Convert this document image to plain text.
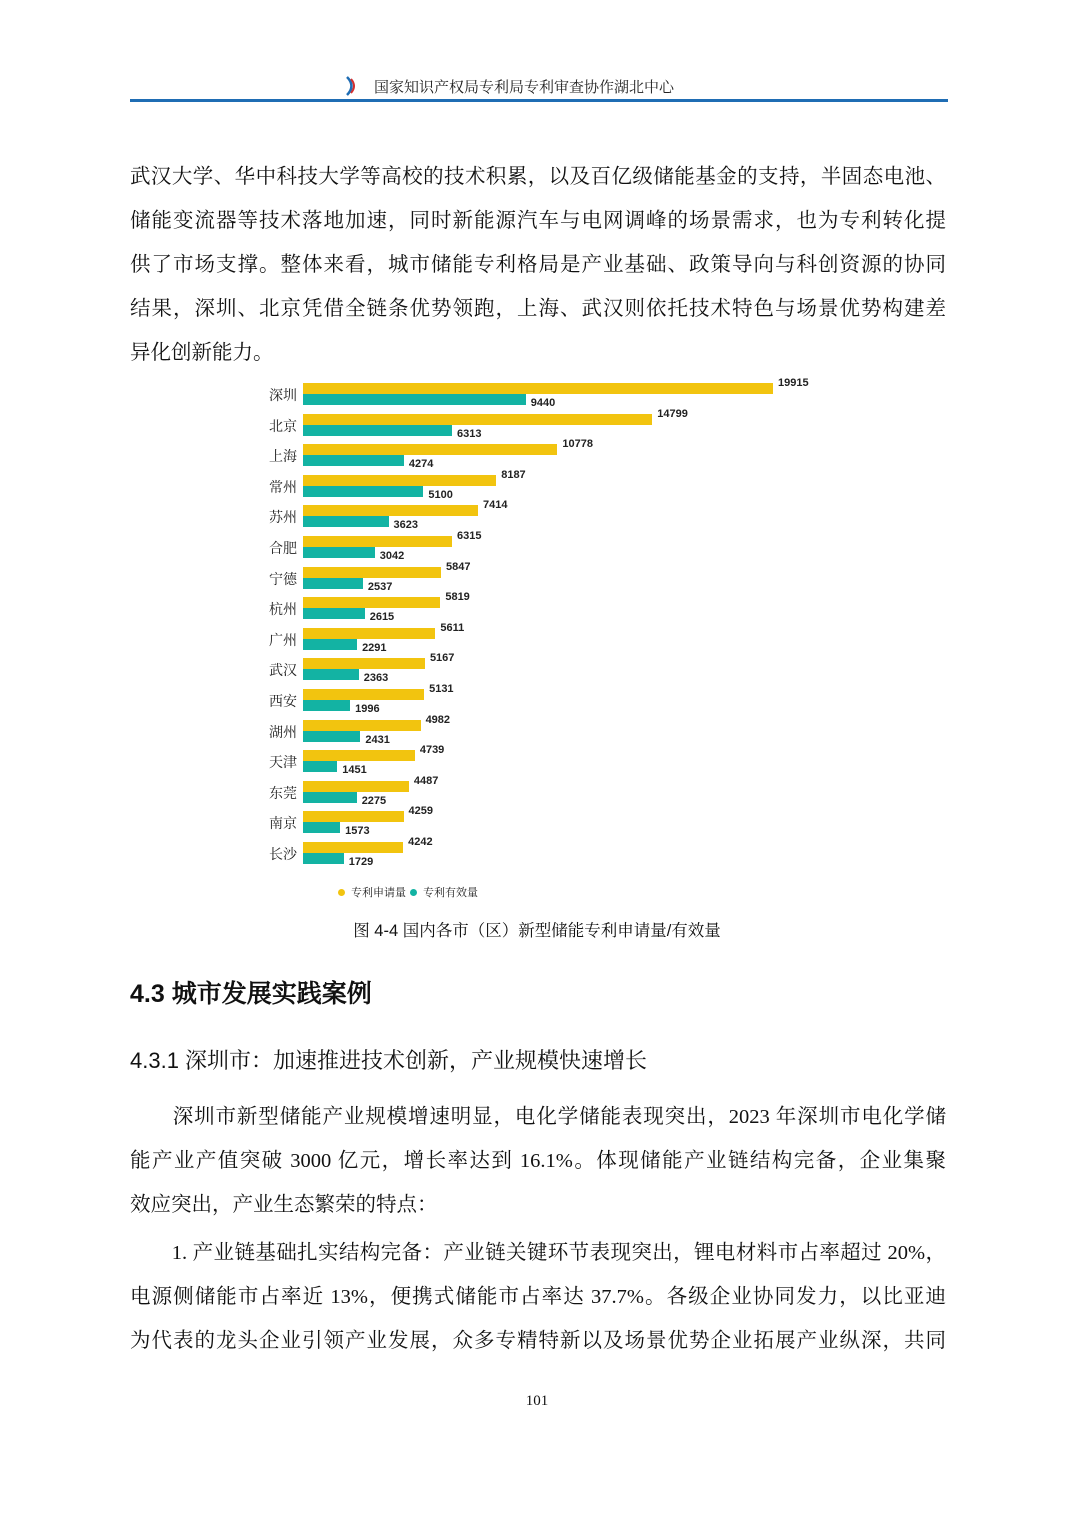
国家知识产权局专利局专利审查协作湖北中心
武汉大学、华中科技大学等高校的技术积累，以及百亿级储能基金的支持，半固态电池、
储能变流器等技术落地加速，同时新能源汽车与电网调峰的场景需求，也为专利转化提
供了市场支撑。整体来看，城市储能专利格局是产业基础、政策导向与科创资源的协同
结果，深圳、北京凭借全链条优势领跑，上海、武汉则依托技术特色与场景优势构建差
异化创新能力。
专利申请量 专利有效量
深圳
19915
9440
北京
14799
6313
上海
10778
4274
常州
8187
5100
苏州
7414
3623
合肥
6315
3042
宁德
5847
2537
杭州
5819
2615
广州
5611
2291
武汉
5167
2363
西安
5131
1996
湖州
4982
2431
天津
4739
1451
东莞
4487
2275
南京
4259
1573
长沙
4242
1729
图 4-4 国内各市（区）新型储能专利申请量/有效量
4.3 城市发展实践案例
4.3.1 深圳市：加速推进技术创新，产业规模快速增长
　　深圳市新型储能产业规模增速明显，电化学储能表现突出，2023 年深圳市电化学储
能产业产值突破 3000 亿元，增长率达到 16.1%。体现储能产业链结构完备，企业集聚
效应突出，产业生态繁荣的特点：
　　1. 产业链基础扎实结构完备：产业链关键环节表现突出，锂电材料市占率超过 20%，
电源侧储能市占率近 13%，便携式储能市占率达 37.7%。各级企业协同发力，以比亚迪
为代表的龙头企业引领产业发展，众多专精特新以及场景优势企业拓展产业纵深，共同
101
